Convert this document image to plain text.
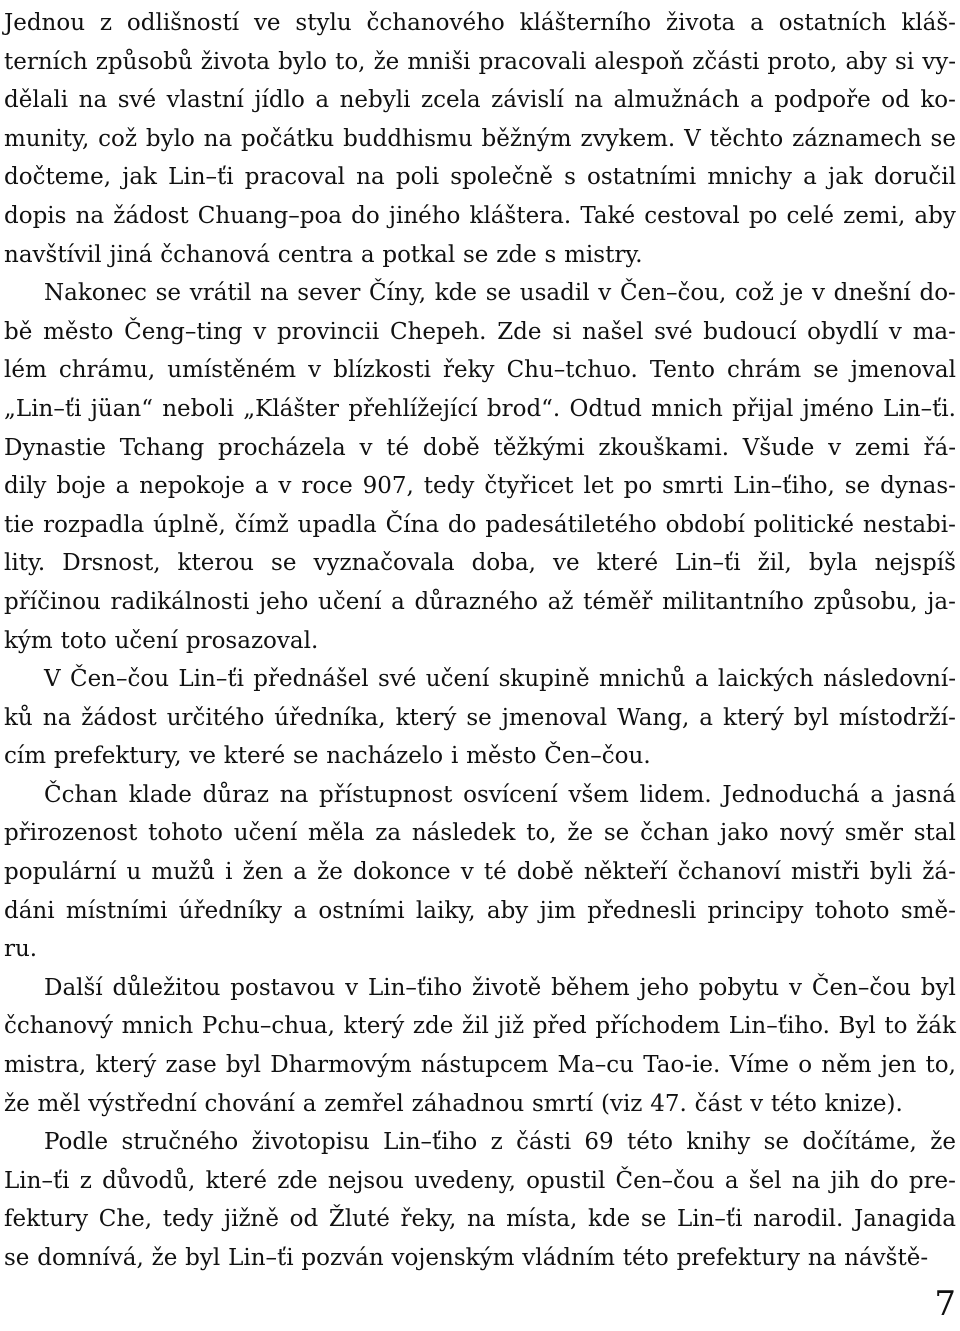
Jednou z odlišností ve stylu čchanového klášterního života a ostatních kláš-
terních způsobů života bylo to, že mniši pracovali alespoň zčásti proto, aby si vy-
dělali na své vlastní jídlo a nebyli zcela závislí na almužnách a podpoře od ko-
munity, což bylo na počátku buddhismu běžným zvykem. V těchto záznamech se
dočteme, jak Lin–ťi pracoval na poli společně s ostatními mnichy a jak doručil
dopis na žádost Chuang–poa do jiného kláštera. Také cestoval po celé zemi, aby
navštívil jiná čchanová centra a potkal se zde s mistry.
Nakonec se vrátil na sever Číny, kde se usadil v Čen–čou, což je v dnešní do-
bě město Čeng–ting v provincii Chepeh. Zde si našel své budoucí obydlí v ma-
lém chrámu, umístěném v blízkosti řeky Chu–tchuo. Tento chrám se jmenoval
„Lin–ťi jüan“ neboli „Klášter přehlížející brod“. Odtud mnich přijal jméno Lin–ťi.
Dynastie Tchang procházela v té době těžkými zkouškami. Všude v zemi řá-
dily boje a nepokoje a v roce 907, tedy čtyřicet let po smrti Lin–ťiho, se dynas-
tie rozpadla úplně, čímž upadla Čína do padesátiletého období politické nestabi-
lity. Drsnost, kterou se vyznačovala doba, ve které Lin–ťi žil, byla nejspíš
příčinou radikálnosti jeho učení a důrazného až téměř militantního způsobu, ja-
kým toto učení prosazoval.
V Čen–čou Lin–ťi přednášel své učení skupině mnichů a laických následovní-
ků na žádost určitého úředníka, který se jmenoval Wang, a který byl místodrží-
cím prefektury, ve které se nacházelo i město Čen–čou.
Čchan klade důraz na přístupnost osvícení všem lidem. Jednoduchá a jasná
přirozenost tohoto učení měla za následek to, že se čchan jako nový směr stal
populární u mužů i žen a že dokonce v té době někteří čchanoví mistři byli žá-
dáni místními úředníky a ostními laiky, aby jim přednesli principy tohoto smě-
ru.
Další důležitou postavou v Lin–ťiho životě během jeho pobytu v Čen–čou byl
čchanový mnich Pchu–chua, který zde žil již před příchodem Lin–ťiho. Byl to žák
mistra, který zase byl Dharmovým nástupcem Ma–cu Tao-ie. Víme o něm jen to,
že měl výstřední chování a zemřel záhadnou smrtí (viz 47. část v této knize).
Podle stručného životopisu Lin–ťiho z části 69 této knihy se dočítáme, že
Lin–ťi z důvodů, které zde nejsou uvedeny, opustil Čen–čou a šel na jih do pre-
fektury Che, tedy jižně od Žluté řeky, na místa, kde se Lin–ťi narodil. Janagida
se domnívá, že byl Lin–ťi pozván vojenským vládním této prefektury na návště-
7
